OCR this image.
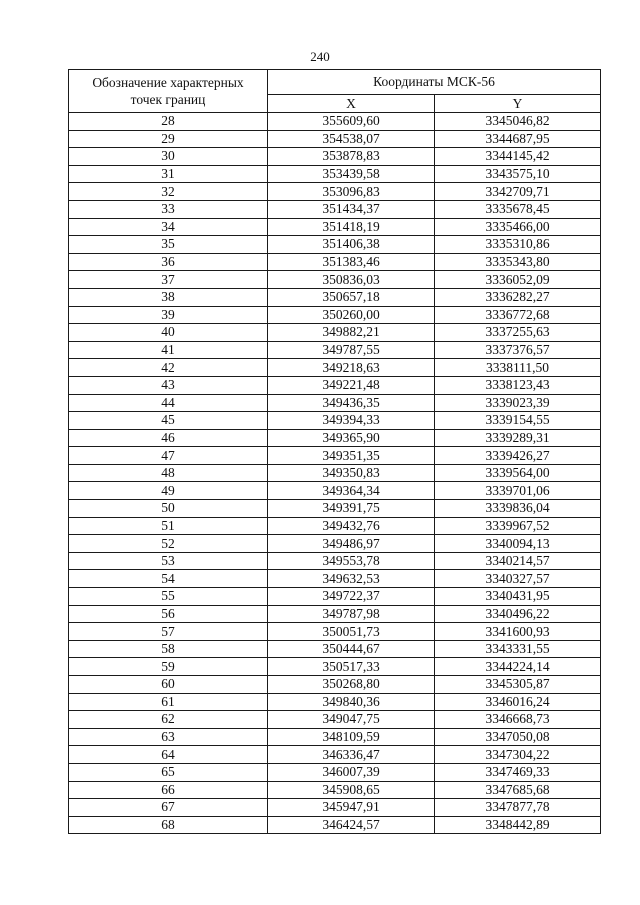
240
Обозначение характерных точек границ	Координаты МСК-56	
	X	Y
28	355609,60	3345046,82
29	354538,07	3344687,95
30	353878,83	3344145,42
31	353439,58	3343575,10
32	353096,83	3342709,71
33	351434,37	3335678,45
34	351418,19	3335466,00
35	351406,38	3335310,86
36	351383,46	3335343,80
37	350836,03	3336052,09
38	350657,18	3336282,27
39	350260,00	3336772,68
40	349882,21	3337255,63
41	349787,55	3337376,57
42	349218,63	3338111,50
43	349221,48	3338123,43
44	349436,35	3339023,39
45	349394,33	3339154,55
46	349365,90	3339289,31
47	349351,35	3339426,27
48	349350,83	3339564,00
49	349364,34	3339701,06
50	349391,75	3339836,04
51	349432,76	3339967,52
52	349486,97	3340094,13
53	349553,78	3340214,57
54	349632,53	3340327,57
55	349722,37	3340431,95
56	349787,98	3340496,22
57	350051,73	3341600,93
58	350444,67	3343331,55
59	350517,33	3344224,14
60	350268,80	3345305,87
61	349840,36	3346016,24
62	349047,75	3346668,73
63	348109,59	3347050,08
64	346336,47	3347304,22
65	346007,39	3347469,33
66	345908,65	3347685,68
67	345947,91	3347877,78
68	346424,57	3348442,89
